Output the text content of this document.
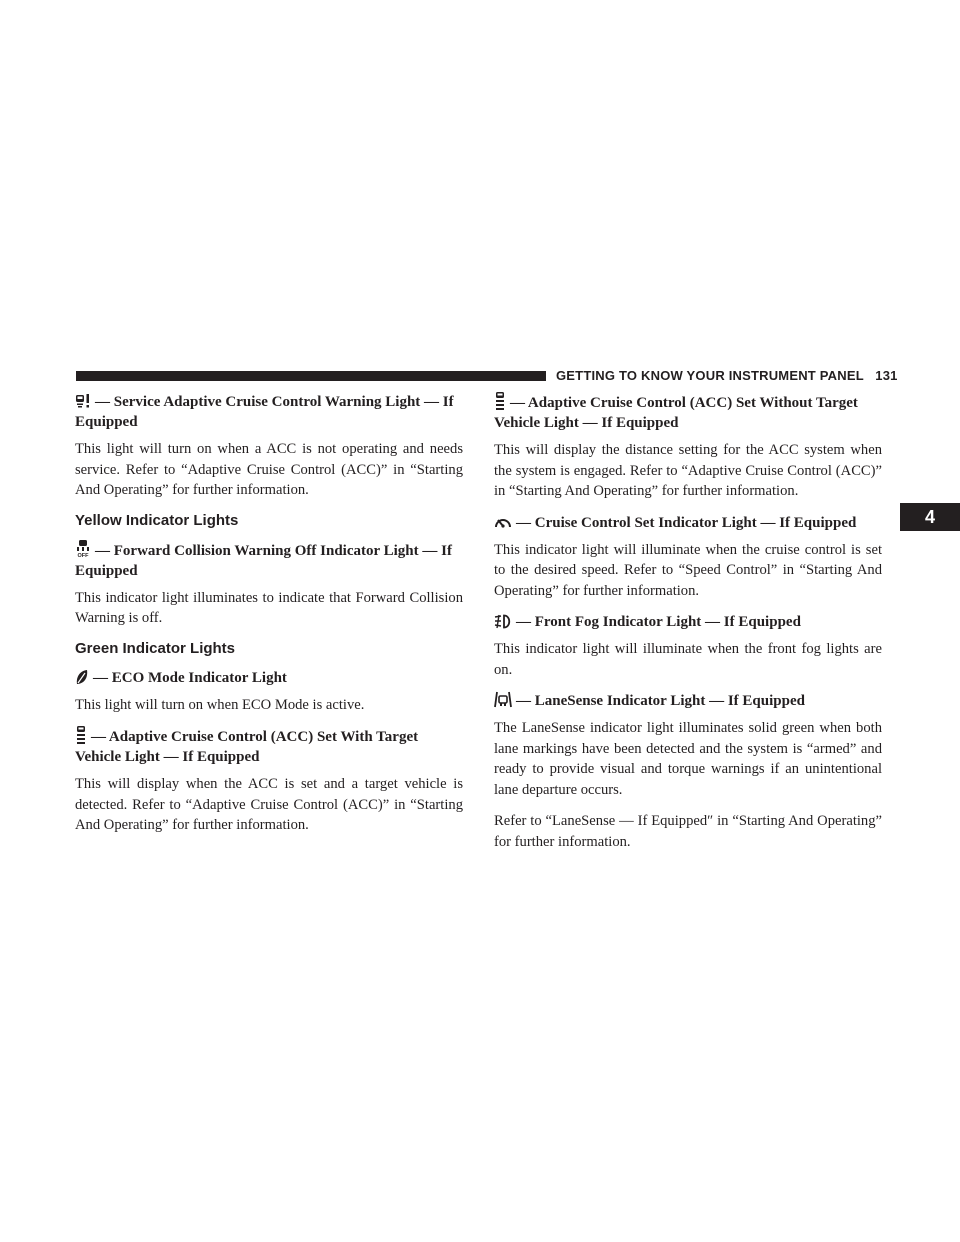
GETTING TO KNOW YOUR INSTRUMENT PANEL 131
4
— Service Adaptive Cruise Control Warning Light — If Equipped

This light will turn on when a ACC is not operating and needs service. Refer to “Adaptive Cruise Control (ACC)” in “Starting And Operating” for further information.

Yellow Indicator Lights
OFF — Forward Collision Warning Off Indicator Light — If Equipped

This indicator light illuminates to indicate that Forward Collision Warning is off.

Green Indicator Lights
— ECO Mode Indicator Light

This light will turn on when ECO Mode is active.

— Adaptive Cruise Control (ACC) Set With Target Vehicle Light — If Equipped

This will display when the ACC is set and a target vehicle is detected. Refer to “Adaptive Cruise Control (ACC)” in “Starting And Operating” for further information.

— Adaptive Cruise Control (ACC) Set Without Target Vehicle Light — If Equipped

This will display the distance setting for the ACC system when the system is engaged. Refer to “Adaptive Cruise Control (ACC)” in “Starting And Operating” for further information.

— Cruise Control Set Indicator Light — If Equipped

This indicator light will illuminate when the cruise control is set to the desired speed. Refer to “Speed Control” in “Starting And Operating” for further information.

— Front Fog Indicator Light — If Equipped

This indicator light will illuminate when the front fog lights are on.

— LaneSense Indicator Light — If Equipped

The LaneSense indicator light illuminates solid green when both lane markings have been detected and the system is “armed” and ready to provide visual and torque warnings if an unintentional lane departure occurs.

Refer to “LaneSense — If Equipped″ in “Starting And Operating” for further information.
